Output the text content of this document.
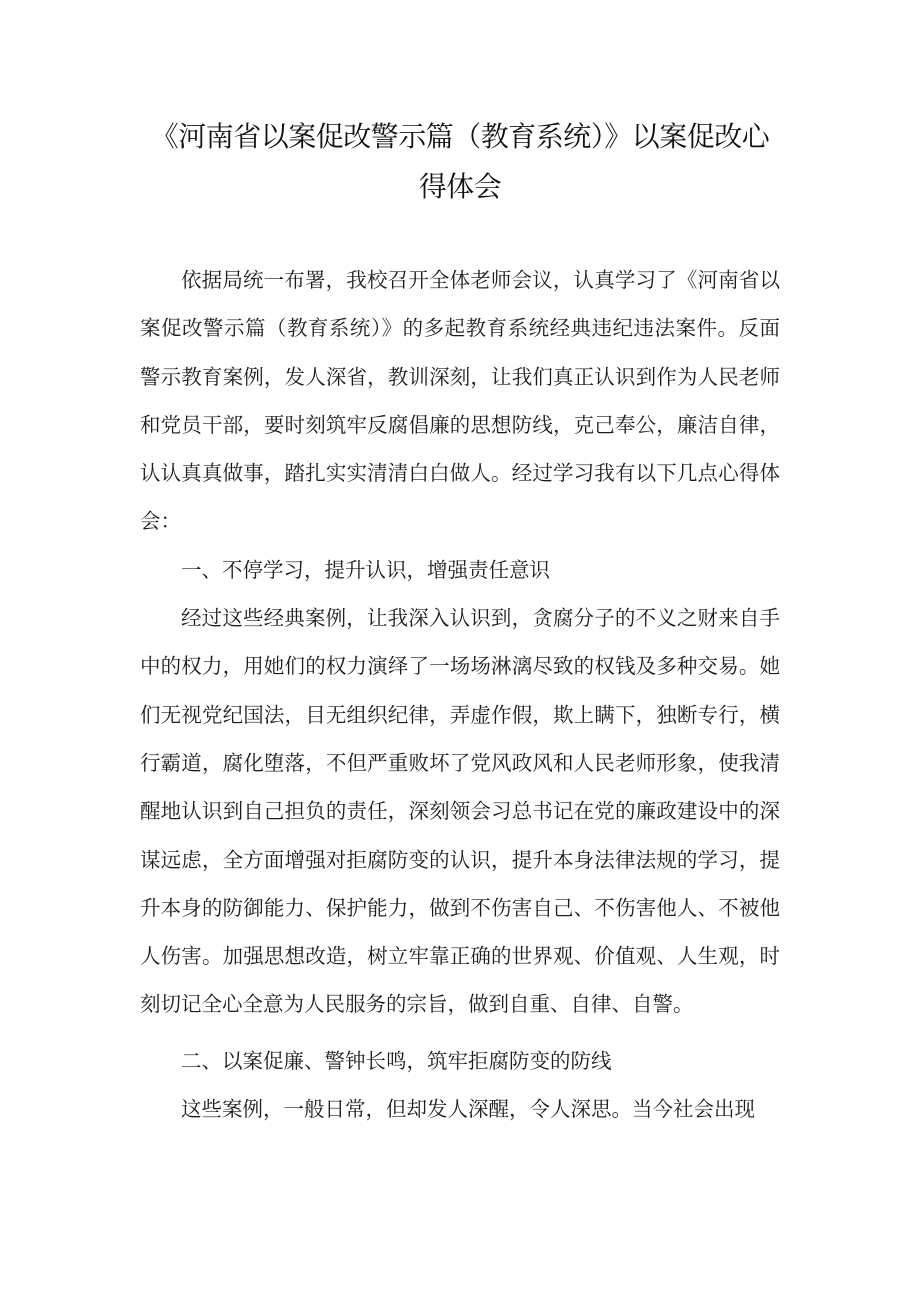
《河南省以案促改警示篇（教育系统）》以案促改心得体会

依据局统一布署，我校召开全体老师会议，认真学习了《河南省以案促改警示篇（教育系统）》的多起教育系统经典违纪违法案件。反面警示教育案例，发人深省，教训深刻，让我们真正认识到作为人民老师和党员干部，要时刻筑牢反腐倡廉的思想防线，克己奉公，廉洁自律，认认真真做事，踏扎实实清清白白做人。经过学习我有以下几点心得体会：

一、不停学习，提升认识，增强责任意识

经过这些经典案例，让我深入认识到，贪腐分子的不义之财来自手中的权力，用她们的权力演绎了一场场淋漓尽致的权钱及多种交易。她们无视党纪国法，目无组织纪律，弄虚作假，欺上瞒下，独断专行，横行霸道，腐化堕落，不但严重败坏了党风政风和人民老师形象，使我清醒地认识到自己担负的责任，深刻领会习总书记在党的廉政建设中的深谋远虑，全方面增强对拒腐防变的认识，提升本身法律法规的学习，提升本身的防御能力、保护能力，做到不伤害自己、不伤害他人、不被他人伤害。加强思想改造，树立牢靠正确的世界观、价值观、人生观，时刻切记全心全意为人民服务的宗旨，做到自重、自律、自警。

二、以案促廉、警钟长鸣，筑牢拒腐防变的防线

这些案例，一般日常，但却发人深醒，令人深思。当今社会出现
